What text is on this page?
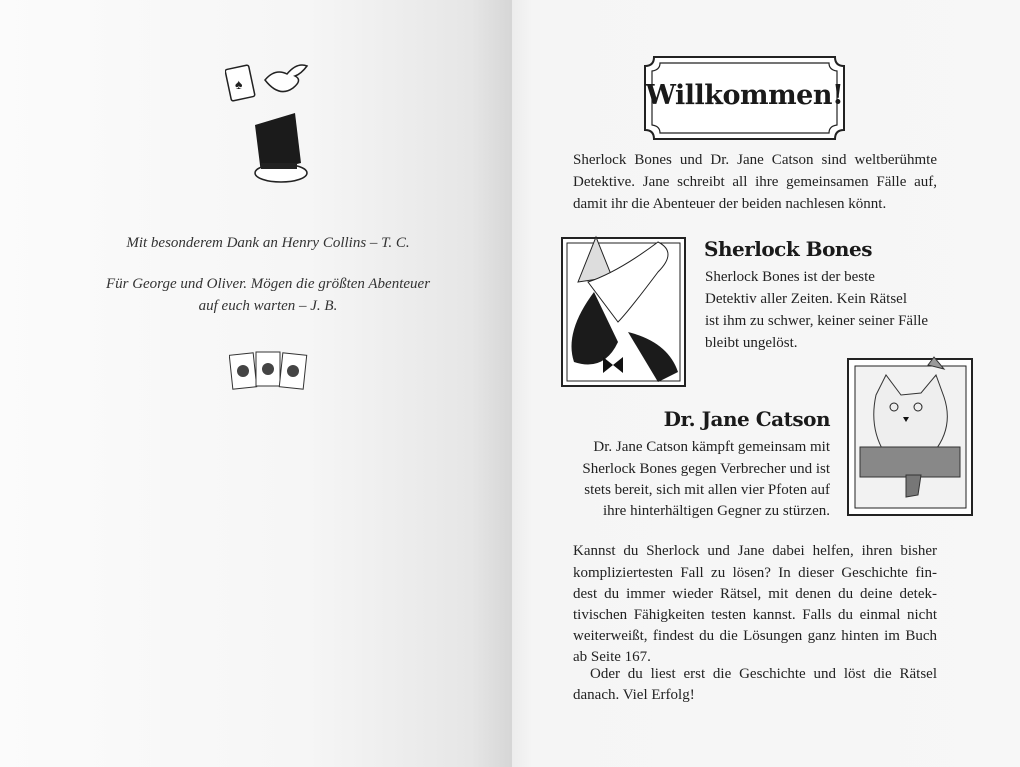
♠
Mit besonderem Dank an Henry Collins – T. C.
Für George und Oliver. Mögen die größten Abenteuer
auf euch warten – J. B.
Willkommen!
Sherlock Bones und Dr. Jane Catson sind weltberühmte
Detektive. Jane schreibt all ihre gemeinsamen Fälle auf,
damit ihr die Abenteuer der beiden nachlesen könnt.
Sherlock Bones
Sherlock Bones ist der beste
Detektiv aller Zeiten. Kein Rätsel
ist ihm zu schwer, keiner seiner Fälle
bleibt ungelöst.
Dr. Jane Catson
Dr. Jane Catson kämpft gemeinsam mit
Sherlock Bones gegen Verbrecher und ist
stets bereit, sich mit allen vier Pfoten auf
ihre hinterhältigen Gegner zu stürzen.
Kannst du Sherlock und Jane dabei helfen, ihren bisher
kompliziertesten Fall zu lösen? In dieser Geschichte fin-
dest du immer wieder Rätsel, mit denen du deine detek-
tivischen Fähigkeiten testen kannst. Falls du einmal nicht
weiterweißt, findest du die Lösungen ganz hinten im Buch
ab Seite 167.
Oder du liest erst die Geschichte und löst die Rätsel
danach. Viel Erfolg!
